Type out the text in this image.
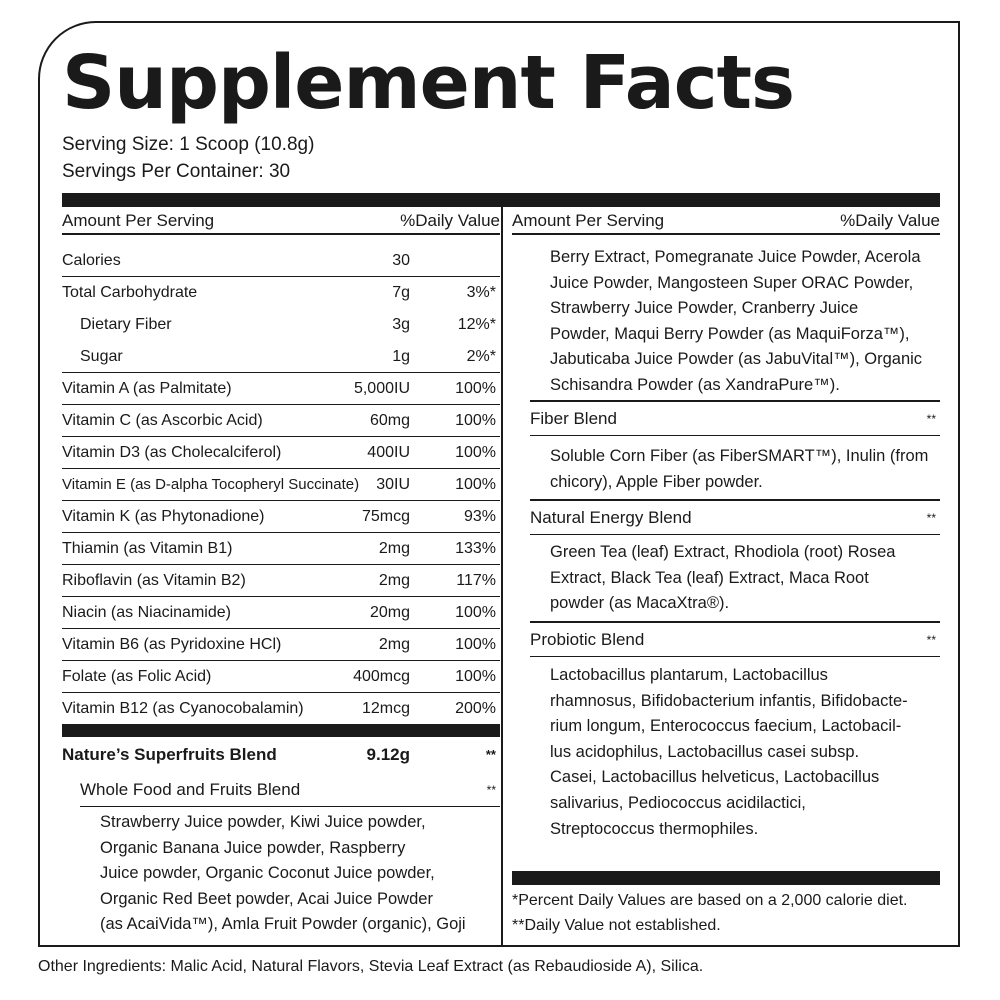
Supplement Facts
Serving Size: 1 Scoop (10.8g)
Servings Per Container: 30
Amount Per Serving	%Daily Value
Calories	30
Total Carbohydrate	7g	3%*
Dietary Fiber	3g	12%*
Sugar	1g	2%*
Vitamin A (as Palmitate)	5,000IU	100%
Vitamin C (as Ascorbic Acid)	60mg	100%
Vitamin D3 (as Cholecalciferol)	400IU	100%
Vitamin E (as D-alpha Tocopheryl Succinate) 30IU	100%
Vitamin K (as Phytonadione)	75mcg	93%
Thiamin (as Vitamin B1)	2mg	133%
Riboflavin (as Vitamin B2)	2mg	117%
Niacin (as Niacinamide)	20mg	100%
Vitamin B6 (as Pyridoxine HCl)	2mg	100%
Folate (as Folic Acid)	400mcg	100%
Vitamin B12 (as Cyanocobalamin)	12mcg	200%
Nature’s Superfruits Blend	9.12g	**
Whole Food and Fruits Blend	**
Strawberry Juice powder, Kiwi Juice powder,
Organic Banana Juice powder, Raspberry
Juice powder, Organic Coconut Juice powder,
Organic Red Beet powder, Acai Juice Powder
(as AcaiVida™), Amla Fruit Powder (organic), Goji
Amount Per Serving	%Daily Value
Berry Extract, Pomegranate Juice Powder, Acerola
Juice Powder, Mangosteen Super ORAC Powder,
Strawberry Juice Powder, Cranberry Juice
Powder, Maqui Berry Powder (as MaquiForza™),
Jabuticaba Juice Powder (as JabuVital™), Organic
Schisandra Powder (as XandraPure™).
Fiber Blend	**
Soluble Corn Fiber (as FiberSMART™), Inulin (from
chicory), Apple Fiber powder.
Natural Energy Blend	**
Green Tea (leaf) Extract, Rhodiola (root) Rosea
Extract, Black Tea (leaf) Extract, Maca Root
powder (as MacaXtra®).
Probiotic Blend	**
Lactobacillus plantarum, Lactobacillus
rhamnosus, Bifidobacterium infantis, Bifidobacte-
rium longum, Enterococcus faecium, Lactobacil-
lus acidophilus, Lactobacillus casei subsp.
Casei, Lactobacillus helveticus, Lactobacillus
salivarius, Pediococcus acidilactici,
Streptococcus thermophiles.
*Percent Daily Values are based on a 2,000 calorie diet.
**Daily Value not established.
Other Ingredients: Malic Acid, Natural Flavors, Stevia Leaf Extract (as Rebaudioside A), Silica.
